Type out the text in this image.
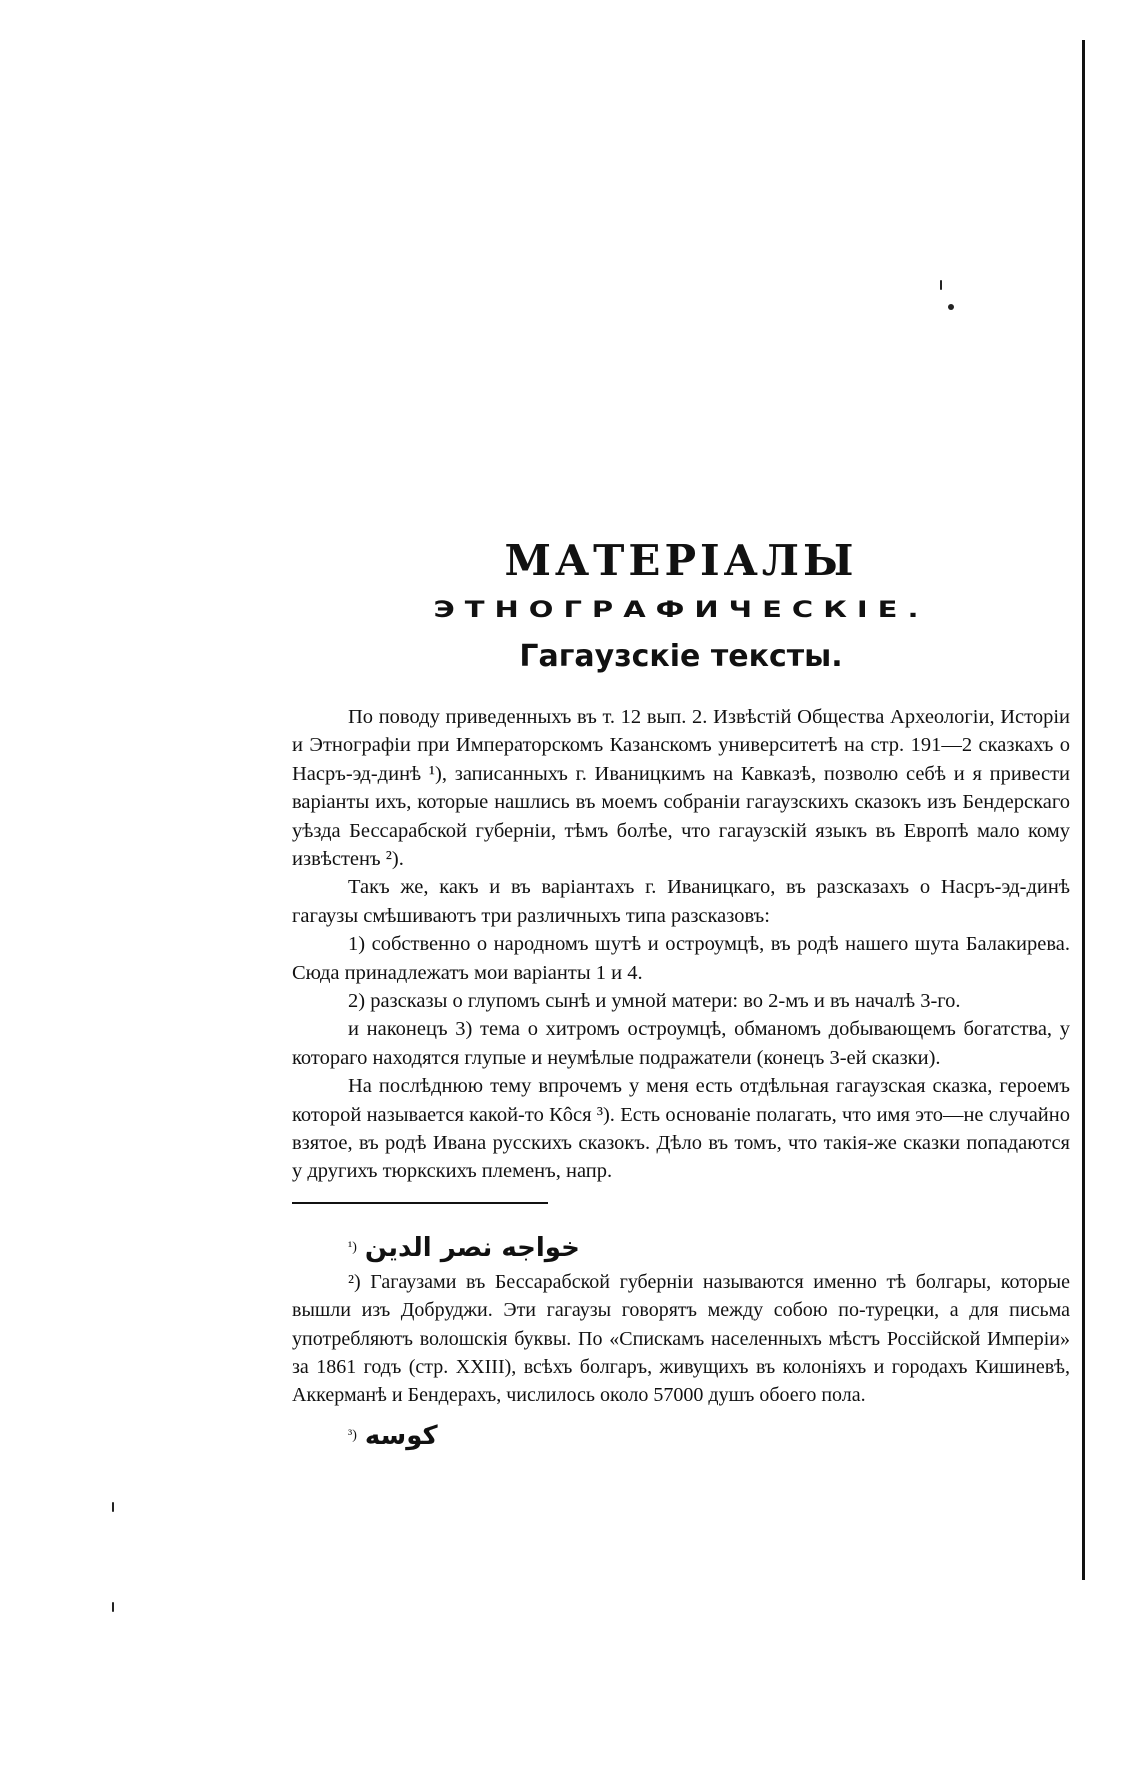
МАТЕРІАЛЫ
ЭТНОГРАФИЧЕСКІЕ.
Гагаузскіе тексты.

По поводу приведенныхъ въ т. 12 вып. 2. Извѣстій Общества Археологіи, Исторіи и Этнографіи при Императорскомъ Казанскомъ университетѣ на стр. 191—2 сказкахъ о Насръ-эд-динѣ ¹), записанныхъ г. Иваницкимъ на Кавказѣ, позволю себѣ и я привести варіанты ихъ, которые нашлись въ моемъ собраніи гагаузскихъ сказокъ изъ Бендерскаго уѣзда Бессарабской губерніи, тѣмъ болѣе, что гагаузскій языкъ въ Европѣ мало кому извѣстенъ ²).

Такъ же, какъ и въ варіантахъ г. Иваницкаго, въ разсказахъ о Насръ-эд-динѣ гагаузы смѣшиваютъ три различныхъ типа разсказовъ:

1) собственно о народномъ шутѣ и остроумцѣ, въ родѣ нашего шута Балакирева. Сюда принадлежатъ мои варіанты 1 и 4.

2) разсказы о глупомъ сынѣ и умной матери: во 2-мъ и въ началѣ 3-го.

и наконецъ 3) тема о хитромъ остроумцѣ, обманомъ добывающемъ богатства, у котораго находятся глупые и неумѣлые подражатели (конецъ 3-ей сказки).

На послѣднюю тему впрочемъ у меня есть отдѣльная гагаузская сказка, героемъ которой называется какой-то Кôся ³). Есть основаніе полагать, что имя это—не случайно взятое, въ родѣ Ивана русскихъ сказокъ. Дѣло въ томъ, что такія-же сказки попадаются у другихъ тюркскихъ племенъ, напр.

¹) خواجه نصر الدين

²) Гагаузами въ Бессарабской губерніи называются именно тѣ болгары, которые вышли изъ Добруджи. Эти гагаузы говорятъ между собою по-турецки, а для письма употребляютъ волошскія буквы. По «Спискамъ населенныхъ мѣстъ Россійской Имперіи» за 1861 годъ (стр. XXIII), всѣхъ болгаръ, живущихъ въ колоніяхъ и городахъ Кишиневѣ, Аккерманѣ и Бендерахъ, числилось около 57000 душъ обоего пола.

³) كوسه
